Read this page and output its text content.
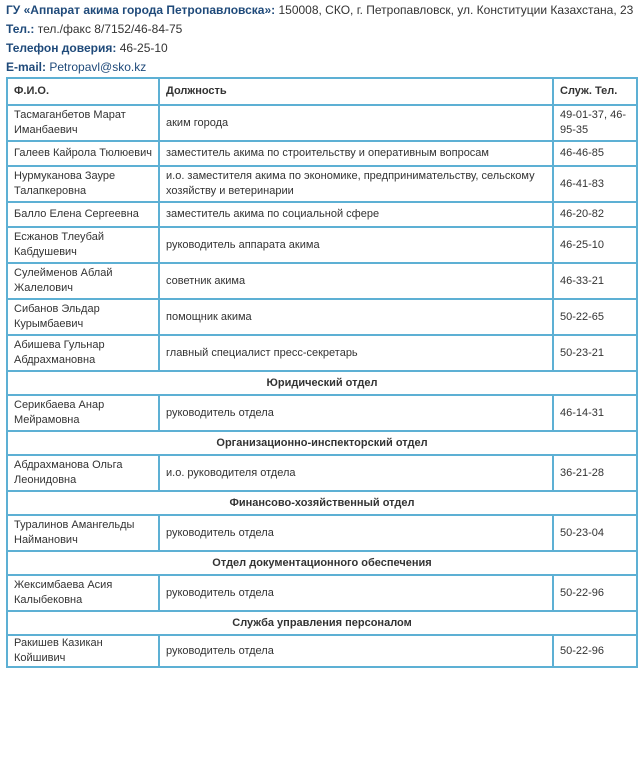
ГУ «Аппарат акима города Петропавловска»: 150008, СКО, г. Петропавловск, ул. Конституции Казахстана, 23
Тел.: тел./факс 8/7152/46-84-75
Телефон доверия: 46-25-10
E-mail: Petropavl@sko.kz
Ф.И.О.	Должность	Служ. Тел.
Тасмаганбетов Марат Иманбаевич	аким города	49-01-37, 46-95-35
Галеев Кайрола Тюлюевич	заместитель акима по строительству и оперативным вопросам	46-46-85
Нурмуканова Зауре Талапкеровна	и.о. заместителя акима по экономике, предпринимательству, сельскому хозяйству и ветеринарии	46-41-83
Балло Елена Сергеевна	заместитель акима по социальной сфере	46-20-82
Есжанов Тлеубай Кабдушевич	руководитель аппарата акима	46-25-10
Сулейменов Аблай Жалелович	советник акима	46-33-21
Сибанов Эльдар Курымбаевич	помощник акима	50-22-65
Абишева Гульнар Абдрахмановна	главный специалист пресс-секретарь	50-23-21
Юридический отдел		
Серикбаева Анар Мейрамовна	руководитель отдела	46-14-31
Организационно-инспекторский отдел		
Абдрахманова Ольга Леонидовна	и.о. руководителя отдела	36-21-28
Финансово-хозяйственный отдел		
Туралинов Амангельды Найманович	руководитель отдела	50-23-04
Отдел документационного обеспечения		
Жексимбаева Асия Калыбековна	руководитель отдела	50-22-96
Служба управления персоналом		
Ракишев Казикан Койшивич	руководитель отдела	50-22-96
